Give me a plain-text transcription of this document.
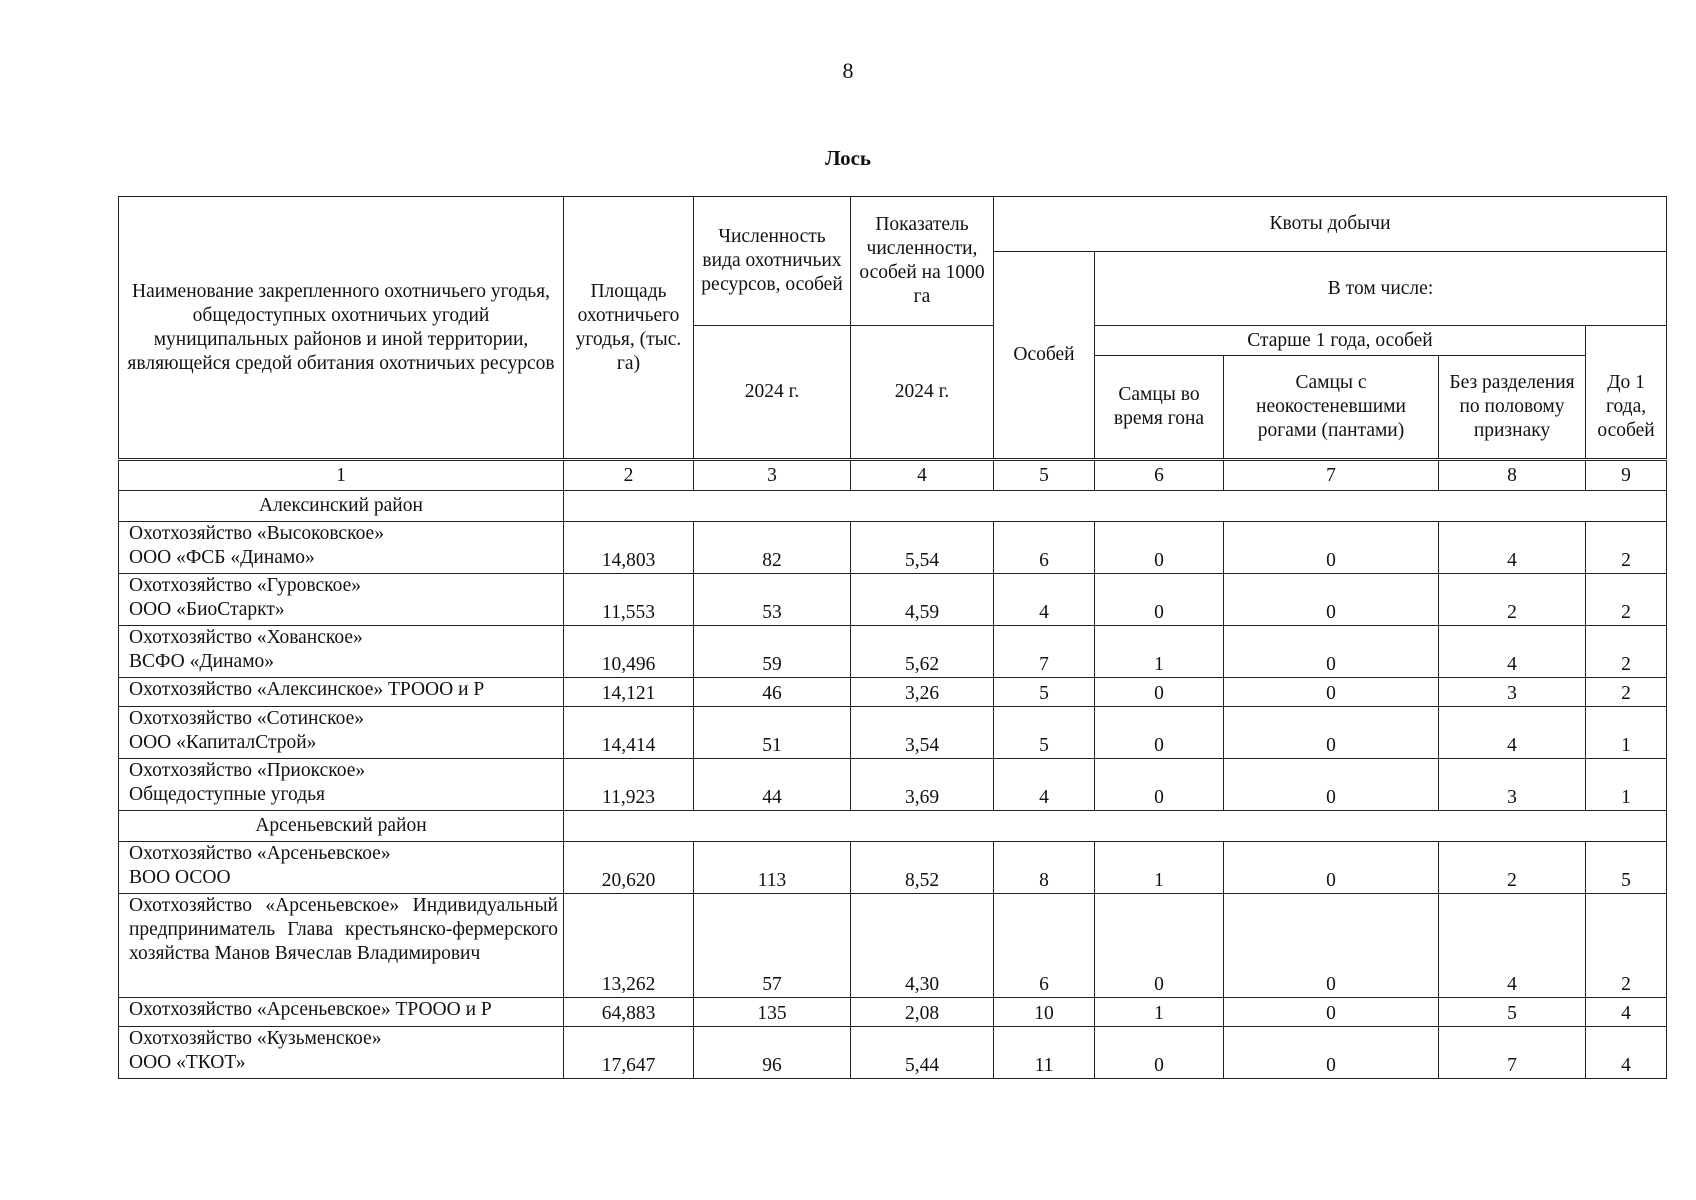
8
Лось
Наименование закрепленного охотничьего угодья, общедоступных охотничьих угодий муниципальных районов и иной территории, являющейся средой обитания охотничьих ресурсов	Площадь охотничьего угодья, (тыс. га)	Численность вида охотничьих ресурсов, особей	Показатель численности, особей на 1000 га	Квоты добычи				
				Особей	В том числе:			
		2024 г.	2024 г.		Старше 1 года, особей			До 1 года, особей
					Самцы во время гона	Самцы с неокостеневшими рогами (пантами)	Без разделения по половому признаку	
1	2	3	4	5	6	7	8	9
Алексинский район								
Охотхозяйство «Высоковское»
ООО «ФСБ «Динамо»	14,803	82	5,54	6	0	0	4	2
Охотхозяйство «Гуровское»
ООО «БиоСтаркт»	11,553	53	4,59	4	0	0	2	2
Охотхозяйство «Хованское»
ВСФО «Динамо»	10,496	59	5,62	7	1	0	4	2
Охотхозяйство «Алексинское» ТРООО и Р	14,121	46	3,26	5	0	0	3	2
Охотхозяйство «Сотинское»
ООО «КапиталСтрой»	14,414	51	3,54	5	0	0	4	1
Охотхозяйство «Приокское»
Общедоступные угодья	11,923	44	3,69	4	0	0	3	1
Арсеньевский район								
Охотхозяйство «Арсеньевское»
ВОО ОСОО	20,620	113	8,52	8	1	0	2	5
Охотхозяйство «Арсеньевское» Индивидуальный предприниматель Глава крестьянско-фермерского хозяйства Манов Вячеслав Владимирович	13,262	57	4,30	6	0	0	4	2
Охотхозяйство «Арсеньевское» ТРООО и Р	64,883	135	2,08	10	1	0	5	4
Охотхозяйство «Кузьменское»
ООО «ТКОТ»	17,647	96	5,44	11	0	0	7	4
